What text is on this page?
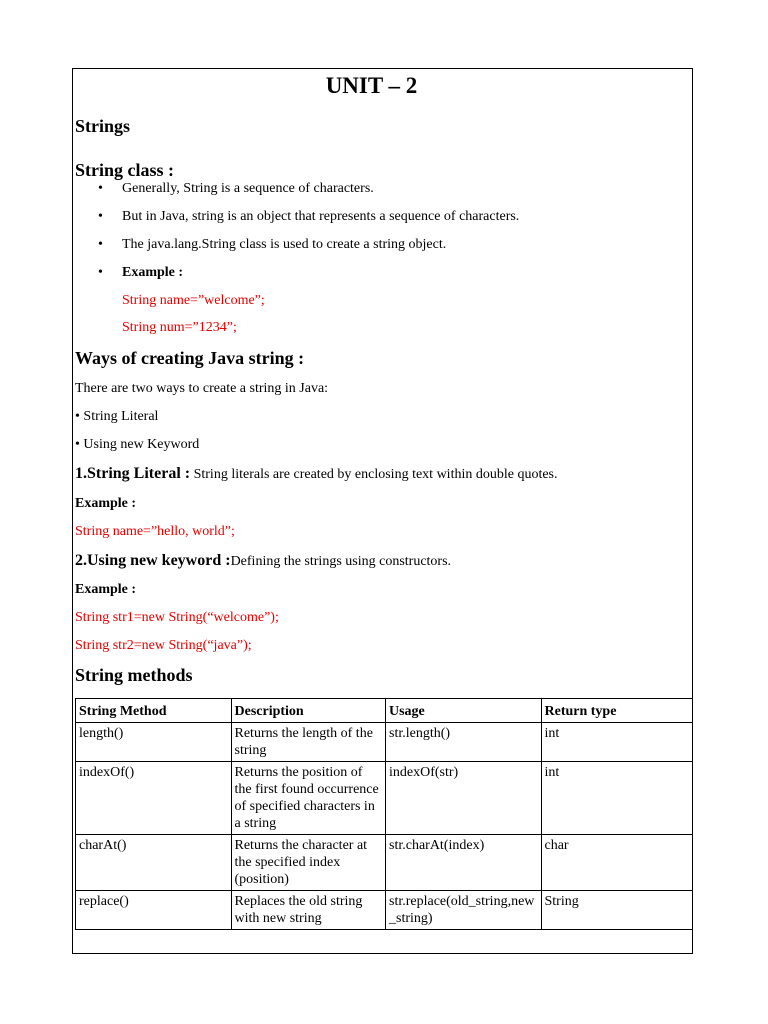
UNIT – 2
Strings
String class :
• Generally, String is a sequence of characters.
• But in Java, string is an object that represents a sequence of characters.
• The java.lang.String class is used to create a string object.
• Example :
String name=”welcome”;
String num=”1234”;
Ways of creating Java string :
There are two ways to create a string in Java:
• String Literal
• Using new Keyword
1.String Literal : String literals are created by enclosing text within double quotes.
Example :
String name=”hello, world”;
2.Using new keyword :Defining the strings using constructors.
Example :
String str1=new String(“welcome”);
String str2=new String(“java”);
String methods
String Method	Description	Usage	Return type
length()	Returns the length of the string	str.length()	int
indexOf()	Returns the position of the first found occurrence of specified characters in a string	indexOf(str)	int
charAt()	Returns the character at the specified index (position)	str.charAt(index)	char
replace()	Replaces the old string with new string	str.replace(old_string,new_string)	String
